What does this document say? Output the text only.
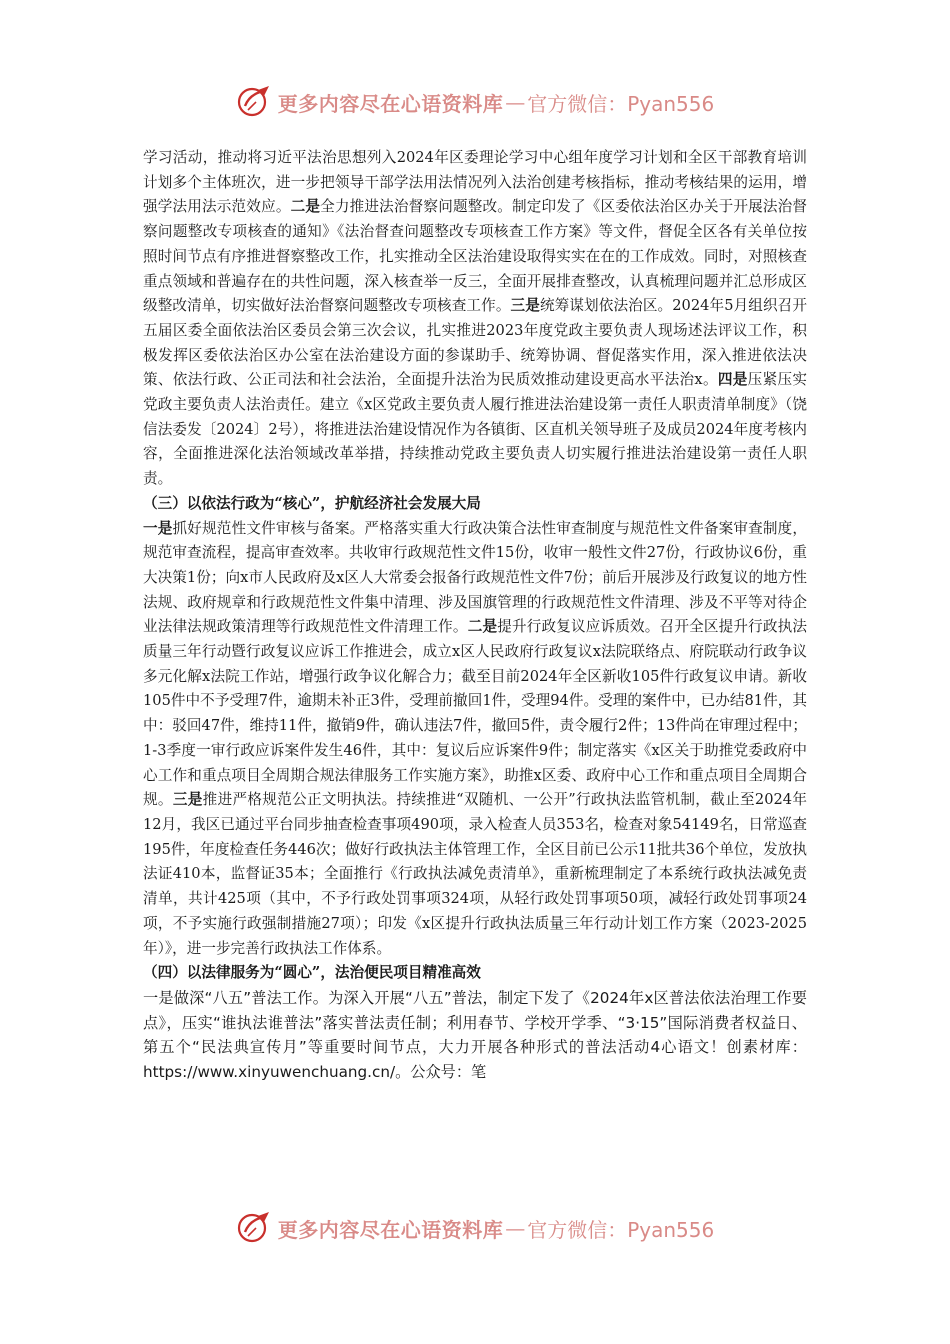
更多内容尽在心语资料库 — 官方微信：Pyan556

学习活动，推动将习近平法治思想列入2024年区委理论学习中心组年度学习计划和全区干部教育培训计划多个主体班次，进一步把领导干部学法用法情况列入法治创建考核指标，推动考核结果的运用，增强学法用法示范效应。二是全力推进法治督察问题整改。制定印发了《区委依法治区办关于开展法治督察问题整改专项核查的通知》《法治督查问题整改专项核查工作方案》等文件，督促全区各有关单位按照时间节点有序推进督察整改工作，扎实推动全区法治建设取得实实在在的工作成效。同时，对照核查重点领域和普遍存在的共性问题，深入核查举一反三，全面开展排查整改，认真梳理问题并汇总形成区级整改清单，切实做好法治督察问题整改专项核查工作。三是统筹谋划依法治区。2024年5月组织召开五届区委全面依法治区委员会第三次会议，扎实推进2023年度党政主要负责人现场述法评议工作，积极发挥区委依法治区办公室在法治建设方面的参谋助手、统筹协调、督促落实作用，深入推进依法决策、依法行政、公正司法和社会法治，全面提升法治为民质效推动建设更高水平法治x。四是压紧压实党政主要负责人法治责任。建立《x区党政主要负责人履行推进法治建设第一责任人职责清单制度》（饶信法委发〔2024〕2号），将推进法治建设情况作为各镇街、区直机关领导班子及成员2024年度考核内容，全面推进深化法治领域改革举措，持续推动党政主要负责人切实履行推进法治建设第一责任人职责。

（三）以依法行政为“核心”，护航经济社会发展大局

一是抓好规范性文件审核与备案。严格落实重大行政决策合法性审查制度与规范性文件备案审查制度，规范审查流程，提高审查效率。共收审行政规范性文件15份，收审一般性文件27份，行政协议6份，重大决策1份；向x市人民政府及x区人大常委会报备行政规范性文件7份；前后开展涉及行政复议的地方性法规、政府规章和行政规范性文件集中清理、涉及国旗管理的行政规范性文件清理、涉及不平等对待企业法律法规政策清理等行政规范性文件清理工作。二是提升行政复议应诉质效。召开全区提升行政执法质量三年行动暨行政复议应诉工作推进会，成立x区人民政府行政复议x法院联络点、府院联动行政争议多元化解x法院工作站，增强行政争议化解合力；截至目前2024年全区新收105件行政复议申请。新收105件中不予受理7件，逾期未补正3件，受理前撤回1件，受理94件。受理的案件中，已办结81件，其中：驳回47件，维持11件，撤销9件，确认违法7件，撤回5件，责令履行2件；13件尚在审理过程中；1-3季度一审行政应诉案件发生46件，其中：复议后应诉案件9件；制定落实《x区关于助推党委政府中心工作和重点项目全周期合规法律服务工作实施方案》，助推x区委、政府中心工作和重点项目全周期合规。三是推进严格规范公正文明执法。持续推进“双随机、一公开”行政执法监管机制，截止至2024年12月，我区已通过平台同步抽查检查事项490项，录入检查人员353名，检查对象54149名，日常巡查195件，年度检查任务446次；做好行政执法主体管理工作，全区目前已公示11批共36个单位，发放执法证410本，监督证35本；全面推行《行政执法减免责清单》，重新梳理制定了本系统行政执法减免责清单，共计425项（其中，不予行政处罚事项324项，从轻行政处罚事项50项，减轻行政处罚事项24项，不予实施行政强制措施27项）；印发《x区提升行政执法质量三年行动计划工作方案（2023-2025年）》，进一步完善行政执法工作体系。

（四）以法律服务为“圆心”，法治便民项目精准高效

一是做深“八五”普法工作。为深入开展“八五”普法，制定下发了《2024年x区普法依法治理工作要点》，压实“谁执法谁普法”落实普法责任制；利用春节、学校开学季、“3·15”国际消费者权益日、第五个“民法典宣传月”等重要时间节点，大力开展各种形式的普法活动4心语文！创素材库：https://www.xinyuwenchuang.cn/。公众号：笔

更多内容尽在心语资料库 — 官方微信：Pyan556
